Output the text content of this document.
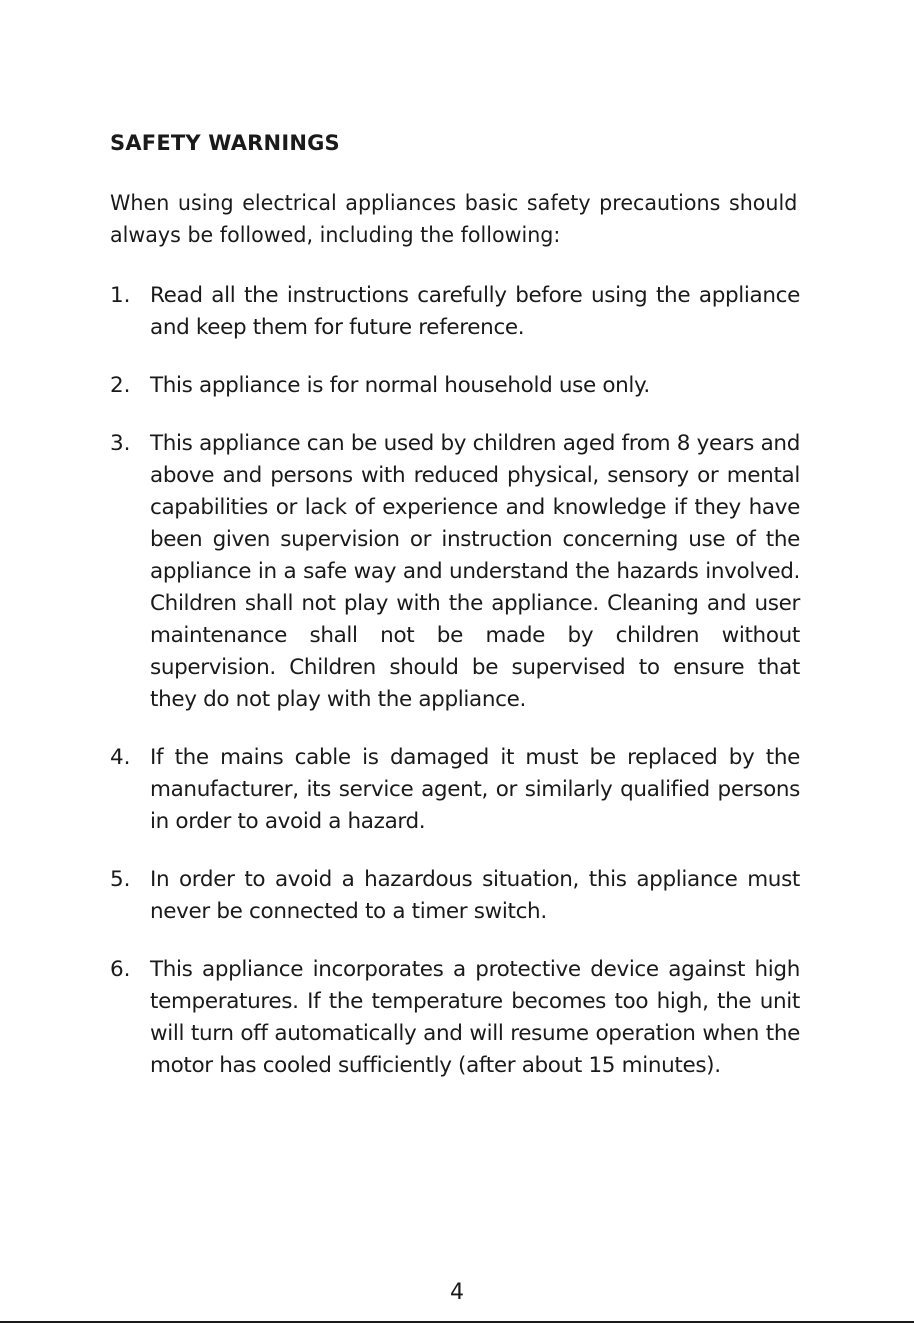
SAFETY WARNINGS

When using electrical appliances basic safety precautions should always be followed, including the following:

1. Read all the instructions carefully before using the appliance and keep them for future reference.
2. This appliance is for normal household use only.
3. This appliance can be used by children aged from 8 years and above and persons with reduced physical, sensory or mental capabilities or lack of experience and knowledge if they have been given supervision or instruction concerning use of the appliance in a safe way and understand the hazards involved. Children shall not play with the appliance. Cleaning and user maintenance shall not be made by children without supervision. Children should be supervised to ensure that they do not play with the appliance.
4. If the mains cable is damaged it must be replaced by the manufacturer, its service agent, or similarly qualified persons in order to avoid a hazard.
5. In order to avoid a hazardous situation, this appliance must never be connected to a timer switch.
6. This appliance incorporates a protective device against high temperatures. If the temperature becomes too high, the unit will turn off automatically and will resume operation when the motor has cooled sufficiently (after about 15 minutes).
4
